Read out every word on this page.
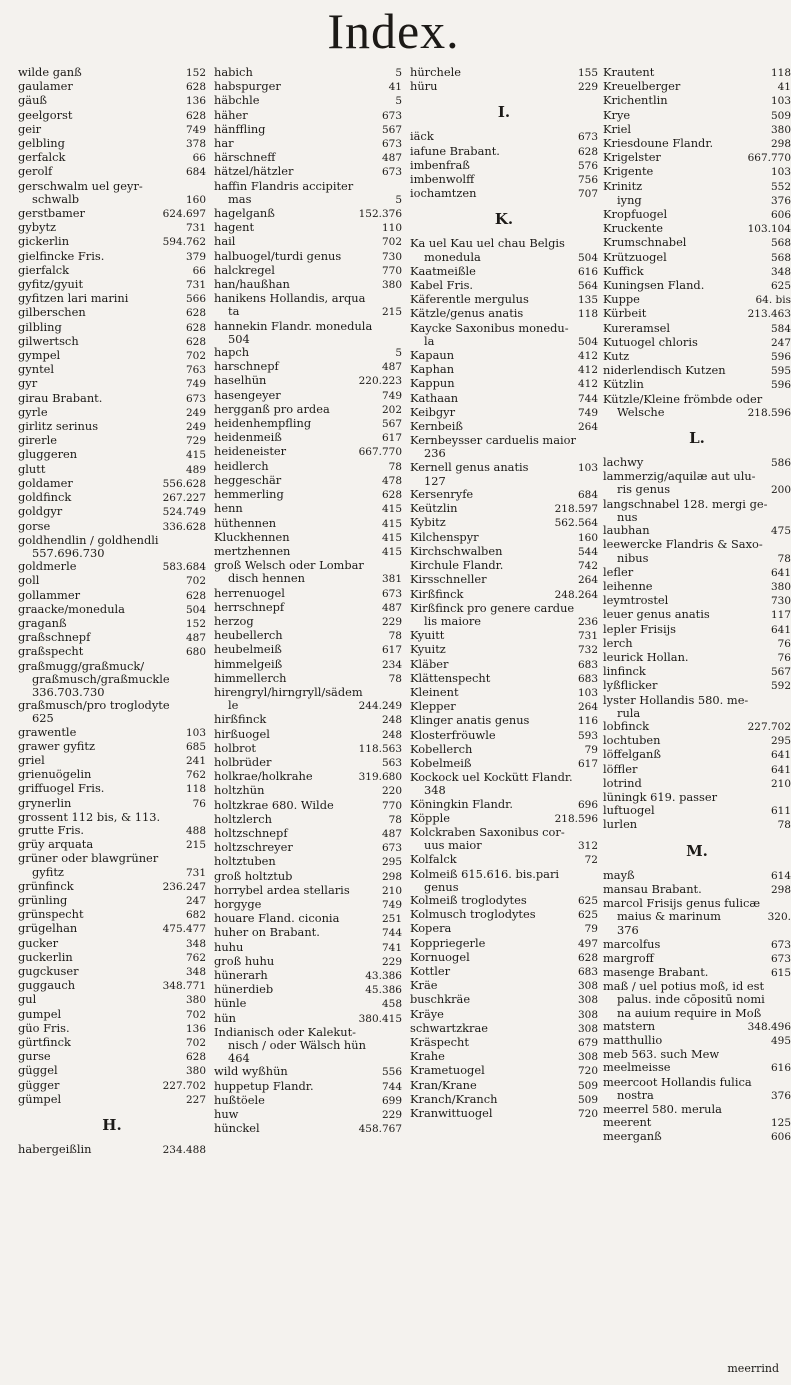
Index.
wilde ganß	152
gaulamer	628
gäuß	136
geelgorst	628
geir	749
gelbling	378
gerfalck	66
gerolf	684
gerschwalm uel geyr-
schwalb	160
gerstbamer	624.697
gybytz	731
gickerlin	594.762
gielfincke Fris.	379
gierfalck	66
gyfitz/gyuit	731
gyfitzen lari marini	566
gilberschen	628
gilbling	628
gilwertsch	628
gympel	702
gyntel	763
gyr	749
girau Brabant.	673
gyrle	249
girlitz serinus	249
girerle	729
gluggeren	415
glutt	489
goldamer	556.628
goldfinck	267.227
goldgyr	524.749
gorse	336.628
goldhendlin / goldhendli
557.696.730
goldmerle	583.684
goll	702
gollammer	628
graacke/monedula	504
graganß	152
graßschnepf	487
graßspecht	680
graßmugg/graßmuck/
graßmusch/graßmuckle
336.703.730
graßmusch/pro troglodyte
625
grawentle	103
grawer gyfitz	685
griel	241
grienuögelin	762
griffuogel Fris.	118
grynerlin	76
grossent 112 bis, & 113.
grutte Fris.	488
grüy arquata	215
grüner oder blawgrüner
gyfitz	731
grünfinck	236.247
grünling	247
grünspecht	682
grügelhan	475.477
gucker	348
guckerlin	762
gugckuser	348
guggauch	348.771
gul	380
gumpel	702
güo Fris.	136
gürtfinck	702
gurse	628
güggel	380
gügger	227.702
gümpel	227
H.
habergeißlin	234.488
habich	5
habspurger	41
häbchle	5
häher	673
hänffling	567
har	673
härschneff	487
hätzel/hätzler	673
haffin Flandris accipiter
mas	5
hagelganß	152.376
hagent	110
hail	702
halbuogel/turdi genus	730
halckregel	770
han/haußhan	380
hanikens Hollandis, arqua
ta	215
hannekin Flandr. monedula
504
hapch	5
harschnepf	487
haselhün	220.223
hasengeyer	749
hergganß pro ardea	202
heidenhempfling	567
heidenmeiß	617
heideneister	667.770
heidlerch	78
heggeschär	478
hemmerling	628
henn	415
hüthennen	415
Kluckhennen	415
mertzhennen	415
groß Welsch oder Lombar
disch hennen	381
herrenuogel	673
herrschnepf	487
herzog	229
heubellerch	78
heubelmeiß	617
himmelgeiß	234
himmellerch	78
hirengryl/hirngryll/sädem
le	244.249
hirßfinck	248
hirßuogel	248
holbrot	118.563
holbrüder	563
holkrae/holkrahe	319.680
holtzhün	220
holtzkrae 680. Wilde	770
holtzlerch	78
holtzschnepf	487
holtzschreyer	673
holtztuben	295
groß holtztub	298
horrybel ardea stellaris	210
horgyge	749
houare Fland. ciconia	251
huher on Brabant.	744
huhu	741
groß huhu	229
hünerarh	43.386
hünerdieb	45.386
hünle	458
hün	380.415
Indianisch oder Kalekut-
nisch / oder Wälsch hün
464
wild wyßhün	556
huppetup Flandr.	744
hußtöele	699
huw	229
hünckel	458.767
hürchele	155
hüru	229
I.
iäck	673
iafune Brabant.	628
imbenfraß	576
imbenwolff	756
iochamtzen	707
K.
Ka uel Kau uel chau Belgis
monedula	504
Kaatmeißle	616
Kabel Fris.	564
Käferentle mergulus	135
Kätzle/genus anatis	118
Kaycke Saxonibus monedu-
la	504
Kapaun	412
Kaphan	412
Kappun	412
Kathaan	744
Keibgyr	749
Kernbeiß	264
Kernbeysser carduelis maior
236
Kernell genus anatis	103
127
Kersenryfe	684
Keützlin	218.597
Kybitz	562.564
Kilchenspyr	160
Kirchschwalben	544
Kirchule Flandr.	742
Kirsschneller	264
Kirßfinck	248.264
Kirßfinck pro genere cardue
lis maiore	236
Kyuitt	731
Kyuitz	732
Kläber	683
Klättenspecht	683
Kleinent	103
Klepper	264
Klinger anatis genus	116
Klosterfröuwle	593
Kobellerch	79
Kobelmeiß	617
Kockock uel Kockütt Flandr.
348
Köningkin Flandr.	696
Köpple	218.596
Kolckraben Saxonibus cor-
uus maior	312
Kolfalck	72
Kolmeiß 615.616. bis.pari
genus
Kolmeiß troglodytes	625
Kolmusch troglodytes	625
Kopera	79
Koppriegerle	497
Kornuogel	628
Kottler	683
Kräe	308
buschkräe	308
Kräye	308
schwartzkrae	308
Kräspecht	679
Krahe	308
Krametuogel	720
Kran/Krane	509
Kranch/Kranch	509
Kranwittuogel	720
Krautent	118
Kreuelberger	41
Krichentlin	103
Krye	509
Kriel	380
Kriesdoune Flandr.	298
Krigelster	667.770
Krigente	103
Krinitz	552
iyng	376
Kropfuogel	606
Kruckente	103.104
Krumschnabel	568
Krützuogel	568
Kuffick	348
Kuningsen Fland.	625
Kuppe	64. bis
Kürbeit	213.463
Kureramsel	584
Kutuogel chloris	247
Kutz	596
niderlendisch Kutzen	595
Kützlin	596
Kützle/Kleine frömbde oder
Welsche	218.596
L.
lachwy	586
lammerzig/aquilæ aut ulu-
ris genus	200
langschnabel 128. mergi ge-
nus
laubhan	475
leewercke Flandris & Saxo-
nibus	78
lefler	641
leihenne	380
leymtrostel	730
leuer genus anatis	117
lepler Frisijs	641
lerch	76
leurick Hollan.	76
linfinck	567
lyßflicker	592
lyster Hollandis 580. me-
rula
lobfinck	227.702
lochtuben	295
löffelganß	641
löffler	641
lotrind	210
lüningk 619. passer
luftuogel	611
lurlen	78
M.
mayß	614
mansau Brabant.	298
marcol Frisijs genus fulicæ
maius & marinum	320.
376
marcolfus	673
margroff	673
masenge Brabant.	615
maß / uel potius moß, id est
palus. inde cōpositū nomi
na auium require in Moß
matstern	348.496
matthullio	495
meb 563. such Mew
meelmeisse	616
meercoot Hollandis fulica
nostra	376
meerrel 580. merula
meerent	125
meerganß	606
meerrind
